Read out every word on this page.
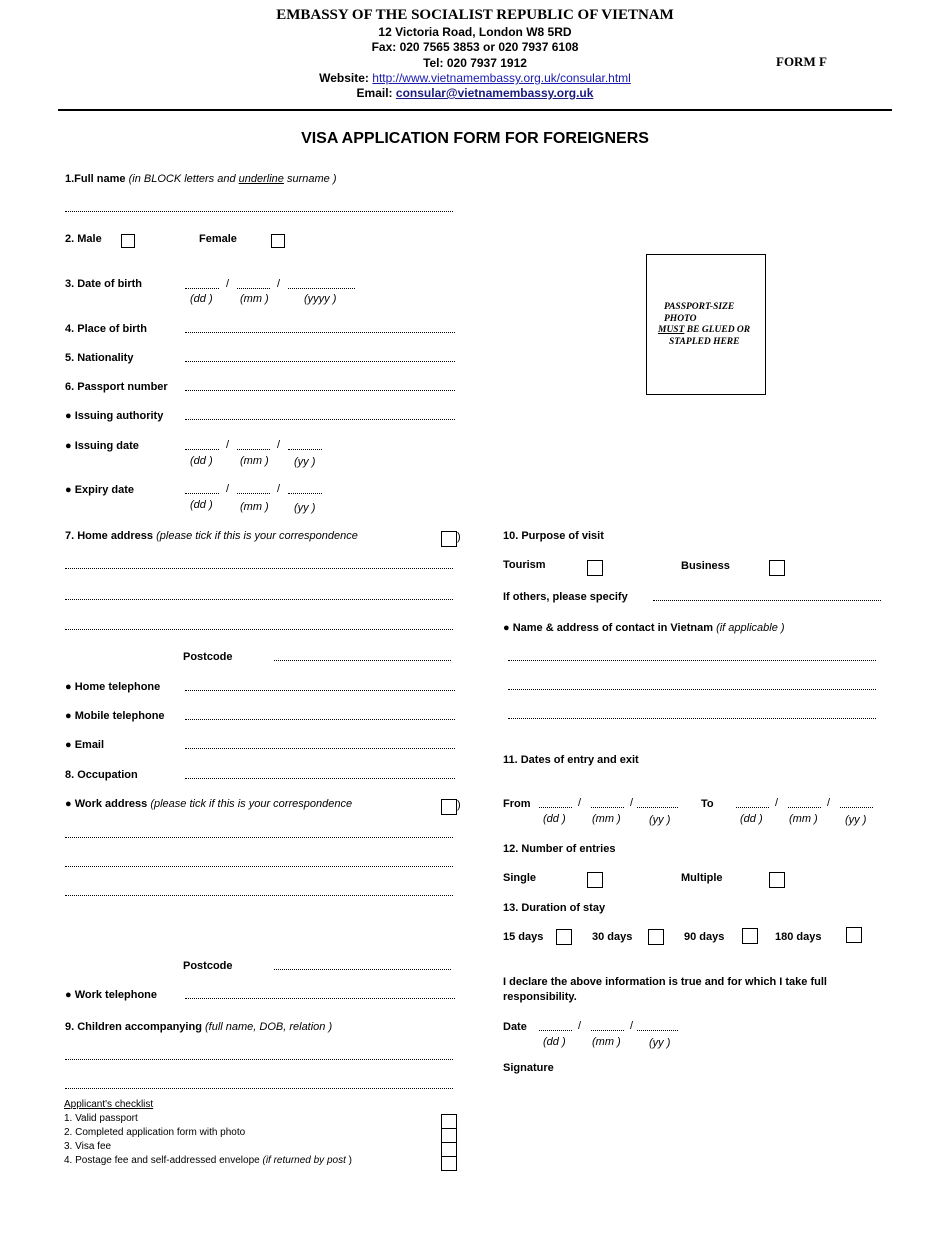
EMBASSY OF THE SOCIALIST REPUBLIC OF VIETNAM
12 Victoria Road, London W8 5RD
Fax: 020 7565 3853 or 020 7937 6108
Tel: 020 7937 1912
Website: http://www.vietnamembassy.org.uk/consular.html
Email: consular@vietnamembassy.org.uk
FORM F
VISA APPLICATION FORM FOR FOREIGNERS
1.Full name (in BLOCK letters and underline surname )
2. Male	Female
3. Date of birth	/	/
(dd ) (mm )	(yyyy )
4. Place of birth
5. Nationality
6. Passport number
● Issuing authority
● Issuing date	/	/
(dd ) (mm ) (yy )
● Expiry date	/	/
(dd ) (mm ) (yy )
7. Home address (please tick if this is your correspondence	)
Postcode
● Home telephone
● Mobile telephone
● Email
8. Occupation
● Work address (please tick if this is your correspondence	)
Postcode
● Work telephone
9. Children accompanying (full name, DOB, relation )
Applicant's checklist
1. Valid passport
2. Completed application form with photo
3. Visa fee
4. Postage fee and self-addressed envelope (if returned by post )
PASSPORT-SIZE
PHOTO
MUST BE GLUED OR
STAPLED HERE
10. Purpose of visit
Tourism	Business
If others, please specify
● Name & address of contact in Vietnam (if applicable )
11. Dates of entry and exit
From	/	/
(dd ) (mm )	(yy )
To	/	/
(dd ) (mm ) (yy )
12. Number of entries
Single	Multiple
13. Duration of stay
15 days	30 days	90 days	180 days
I declare the above information is true and for which I take full
responsibility.
Date	/	/
(dd ) (mm )	(yy )
Signature
